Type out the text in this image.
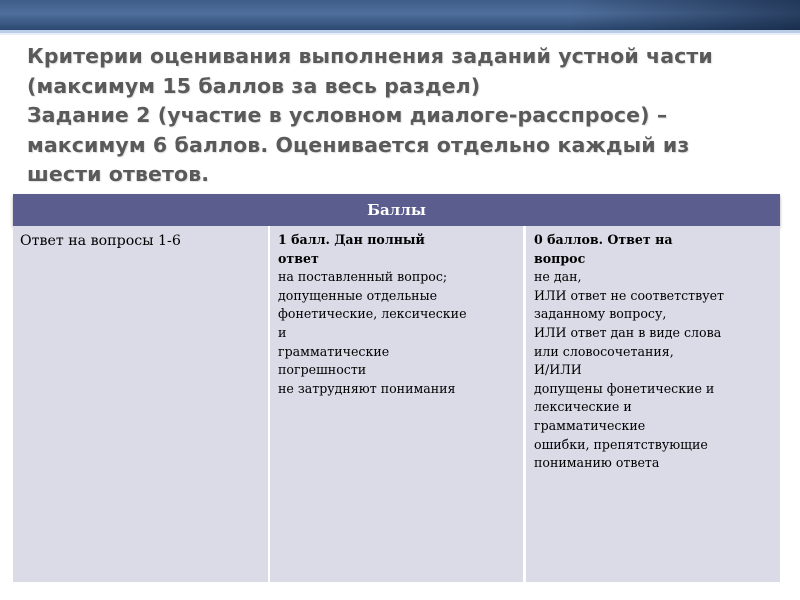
Критерии оценивания выполнения заданий устной части
(максимум 15 баллов за весь раздел)
Задание 2 (участие в условном диалоге-расспросе) –
максимум 6 баллов. Оценивается отдельно каждый из
шести ответов.
Баллы
Ответ на вопросы 1-6	1 балл. Дан полный
ответ
на поставленный вопрос;
допущенные отдельные
фонетические, лексические
и
грамматические
погрешности
не затрудняют понимания
0 баллов. Ответ на
вопрос
не дан,
ИЛИ ответ не соответствует
заданному вопросу,
ИЛИ ответ дан в виде слова
или словосочетания,
И/ИЛИ
допущены фонетические и
лексические и
грамматические
ошибки, препятствующие
пониманию ответа
